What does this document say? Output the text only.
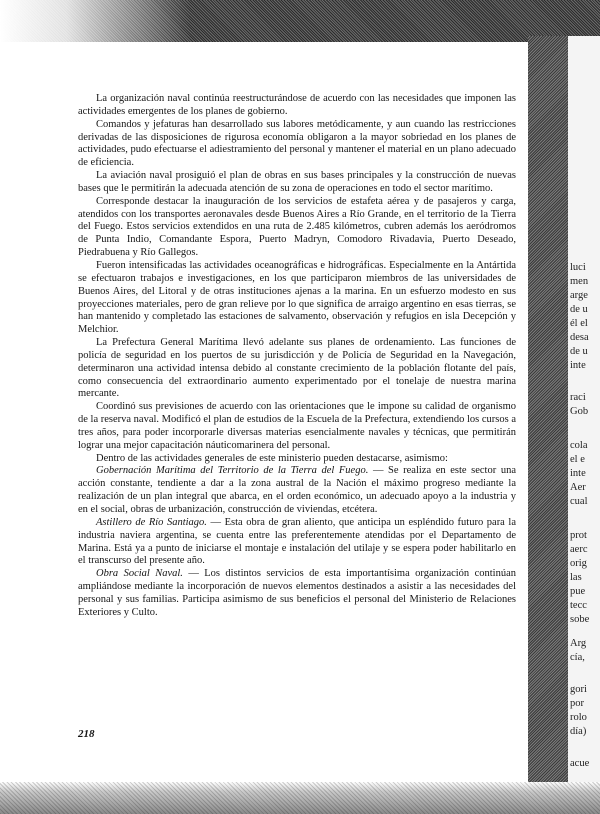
luci
men
arge
de u
él el
desa
de u
inte
raci
Gob
cola
el e
inte
Aer
cual
prot
aerc
orig
las
pue
tecc
sobe
Arg
cía,
gori
por
rolo
día)
acue

La organización naval continúa reestructurándose de acuerdo con las necesidades que imponen las actividades emergentes de los planes de gobierno.

Comandos y jefaturas han desarrollado sus labores metódicamente, y aun cuando las restricciones derivadas de las disposiciones de rigurosa economía obligaron a la mayor sobriedad en los planes de actividades, pudo efectuarse el adiestramiento del personal y mantener el material en un plano adecuado de eficiencia.

La aviación naval prosiguió el plan de obras en sus bases principales y la construcción de nuevas bases que le permitirán la adecuada atención de su zona de operaciones en todo el sector marítimo.

Corresponde destacar la inauguración de los servicios de estafeta aérea y de pasajeros y carga, atendidos con los transportes aeronavales desde Buenos Aires a Río Grande, en el territorio de la Tierra del Fuego. Estos servicios extendidos en una ruta de 2.485 kilómetros, cubren además los aeródromos de Punta Indio, Comandante Espora, Puerto Madryn, Comodoro Rivadavia, Puerto Deseado, Piedrabuena y Río Gallegos.

Fueron intensificadas las actividades oceanográficas e hidrográficas. Especialmente en la Antártida se efectuaron trabajos e investigaciones, en los que participaron miembros de las universidades de Buenos Aires, del Litoral y de otras instituciones ajenas a la marina. En un esfuerzo modesto en sus proyecciones materiales, pero de gran relieve por lo que significa de arraigo argentino en esas tierras, se han mantenido y completado las estaciones de salvamento, observación y refugios en isla Decepción y Melchior.

La Prefectura General Marítima llevó adelante sus planes de ordenamiento. Las funciones de policía de seguridad en los puertos de su jurisdicción y de Policía de Seguridad en la Navegación, determinaron una actividad intensa debido al constante crecimiento de la población flotante del país, como consecuencia del extraordinario aumento experimentado por el tonelaje de nuestra marina mercante.

Coordinó sus previsiones de acuerdo con las orientaciones que le impone su calidad de organismo de la reserva naval. Modificó el plan de estudios de la Escuela de la Prefectura, extendiendo los cursos a tres años, para poder incorporarle diversas materias esencialmente navales y técnicas, que permitirán lograr una mejor capacitación náuticomarinera del personal.

Dentro de las actividades generales de este ministerio pueden destacarse, asimismo:

Gobernación Marítima del Territorio de la Tierra del Fuego. — Se realiza en este sector una acción constante, tendiente a dar a la zona austral de la Nación el máximo progreso mediante la realización de un plan integral que abarca, en el orden económico, un adecuado apoyo a la industria y en el social, obras de urbanización, construcción de viviendas, etcétera.

Astillero de Río Santiago. — Esta obra de gran aliento, que anticipa un espléndido futuro para la industria naviera argentina, se cuenta entre las preferentemente atendidas por el Departamento de Marina. Está ya a punto de iniciarse el montaje e instalación del utilaje y se espera poder habilitarlo en el transcurso del presente año.

Obra Social Naval. — Los distintos servicios de esta importantísima organización continúan ampliándose mediante la incorporación de nuevos elementos destinados a asistir a las necesidades del personal y sus familias. Participa asimismo de sus beneficios el personal del Ministerio de Relaciones Exteriores y Culto.

218
